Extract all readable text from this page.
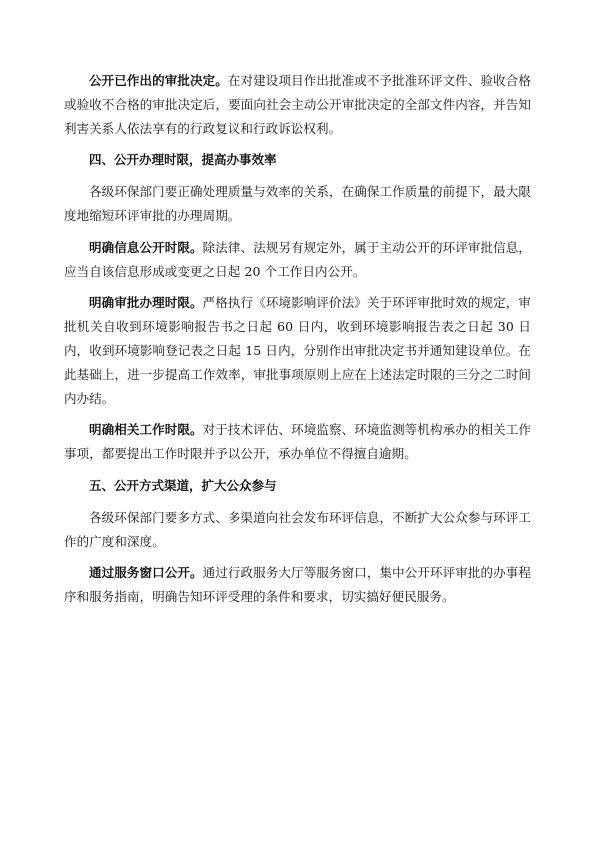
公开已作出的审批决定。在对建设项目作出批准或不予批准环评文件、验收合格或验收不合格的审批决定后，要面向社会主动公开审批决定的全部文件内容，并告知利害关系人依法享有的行政复议和行政诉讼权利。

四、公开办理时限，提高办事效率

各级环保部门要正确处理质量与效率的关系，在确保工作质量的前提下，最大限度地缩短环评审批的办理周期。

明确信息公开时限。除法律、法规另有规定外，属于主动公开的环评审批信息，应当自该信息形成或变更之日起 20 个工作日内公开。

明确审批办理时限。严格执行《环境影响评价法》关于环评审批时效的规定，审批机关自收到环境影响报告书之日起 60 日内，收到环境影响报告表之日起 30 日内，收到环境影响登记表之日起 15 日内，分别作出审批决定书并通知建设单位。在此基础上，进一步提高工作效率，审批事项原则上应在上述法定时限的三分之二时间内办结。

明确相关工作时限。对于技术评估、环境监察、环境监测等机构承办的相关工作事项，都要提出工作时限并予以公开，承办单位不得擅自逾期。

五、公开方式渠道，扩大公众参与

各级环保部门要多方式、多渠道向社会发布环评信息，不断扩大公众参与环评工作的广度和深度。

通过服务窗口公开。通过行政服务大厅等服务窗口，集中公开环评审批的办事程序和服务指南，明确告知环评受理的条件和要求，切实搞好便民服务。
